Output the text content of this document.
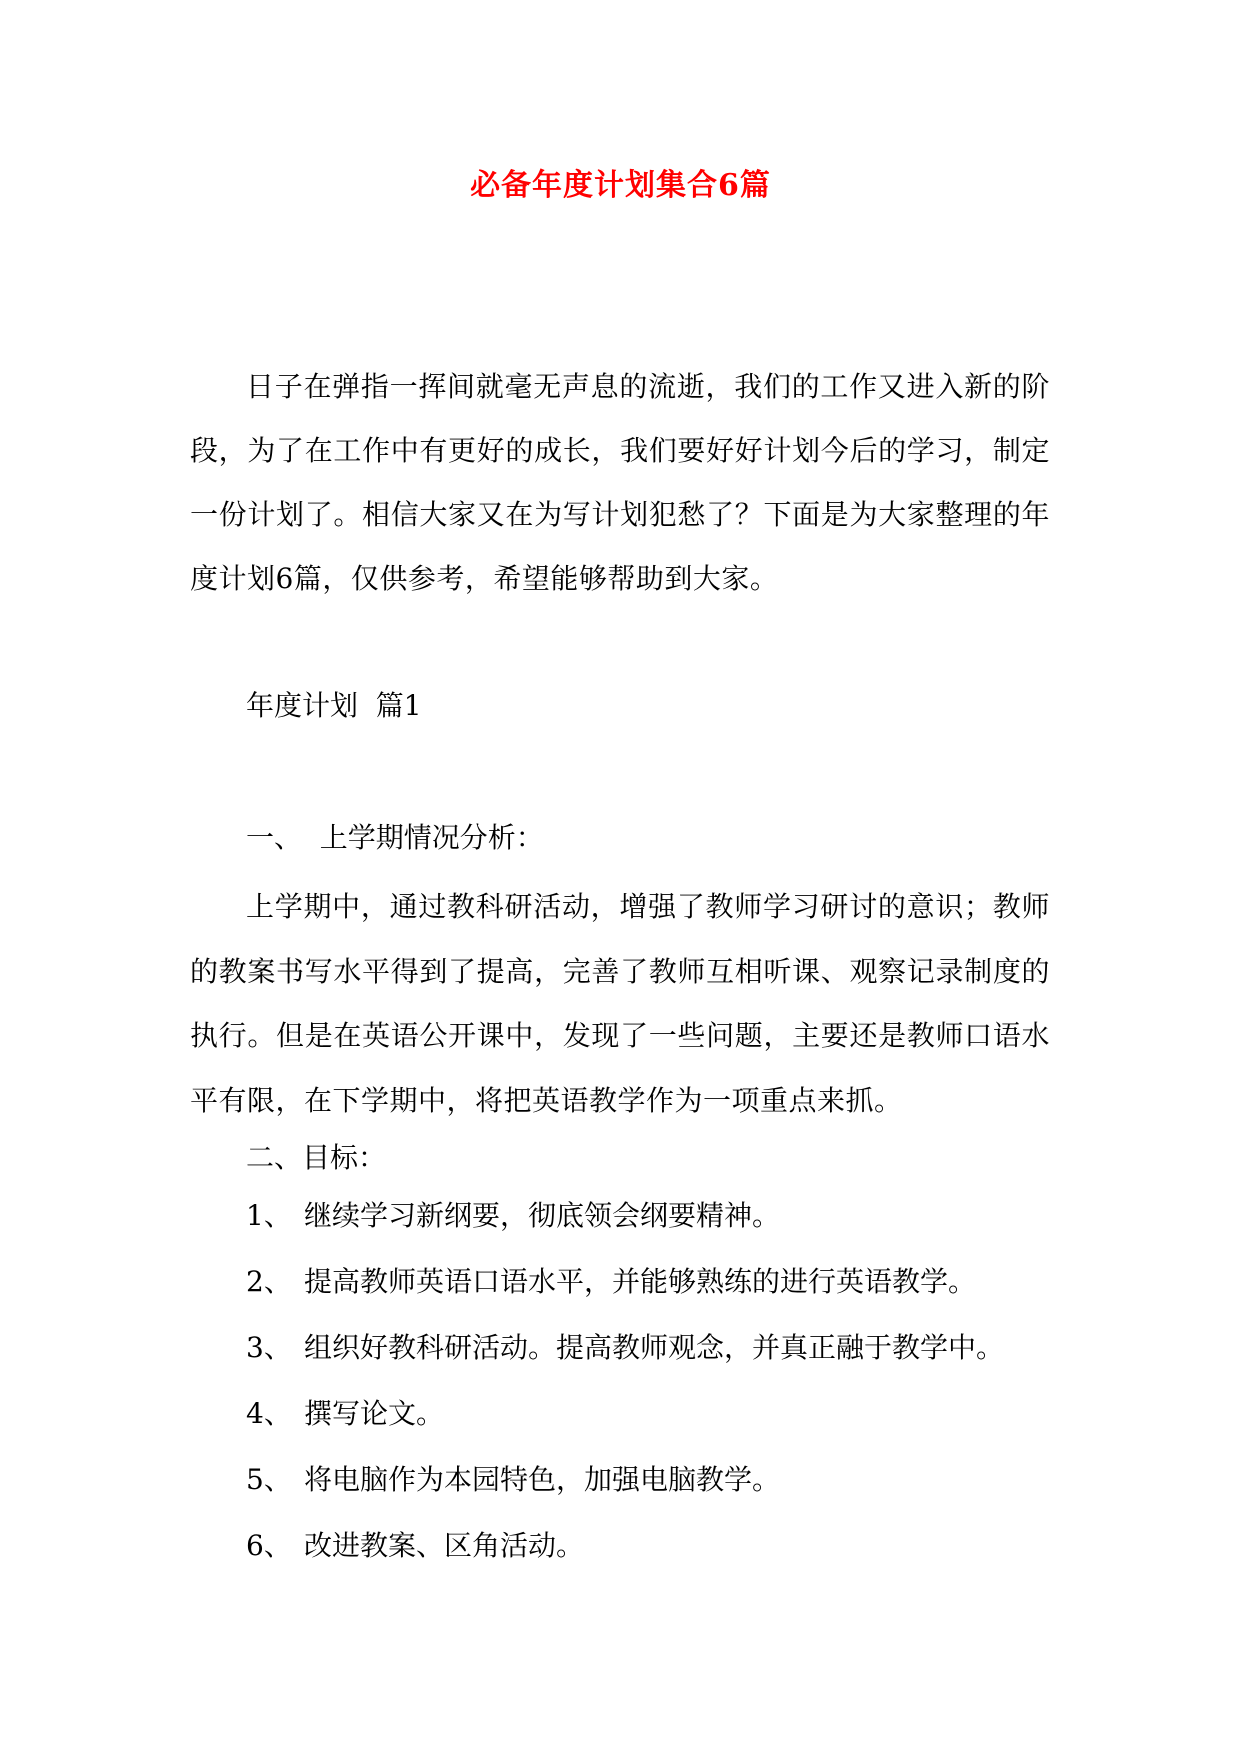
必备年度计划集合6篇

日子在弹指一挥间就毫无声息的流逝，我们的工作又进入新的阶段，为了在工作中有更好的成长，我们要好好计划今后的学习，制定一份计划了。相信大家又在为写计划犯愁了？下面是为大家整理的年度计划6篇，仅供参考，希望能够帮助到大家。

年度计划  篇1
一、  上学期情况分析：

上学期中，通过教科研活动，增强了教师学习研讨的意识；教师的教案书写水平得到了提高，完善了教师互相听课、观察记录制度的执行。但是在英语公开课中，发现了一些问题，主要还是教师口语水平有限，在下学期中，将把英语教学作为一项重点来抓。

二、目标：
1、 继续学习新纲要，彻底领会纲要精神。
2、 提高教师英语口语水平，并能够熟练的进行英语教学。
3、 组织好教科研活动。提高教师观念，并真正融于教学中。
4、 撰写论文。
5、 将电脑作为本园特色，加强电脑教学。
6、 改进教案、区角活动。
